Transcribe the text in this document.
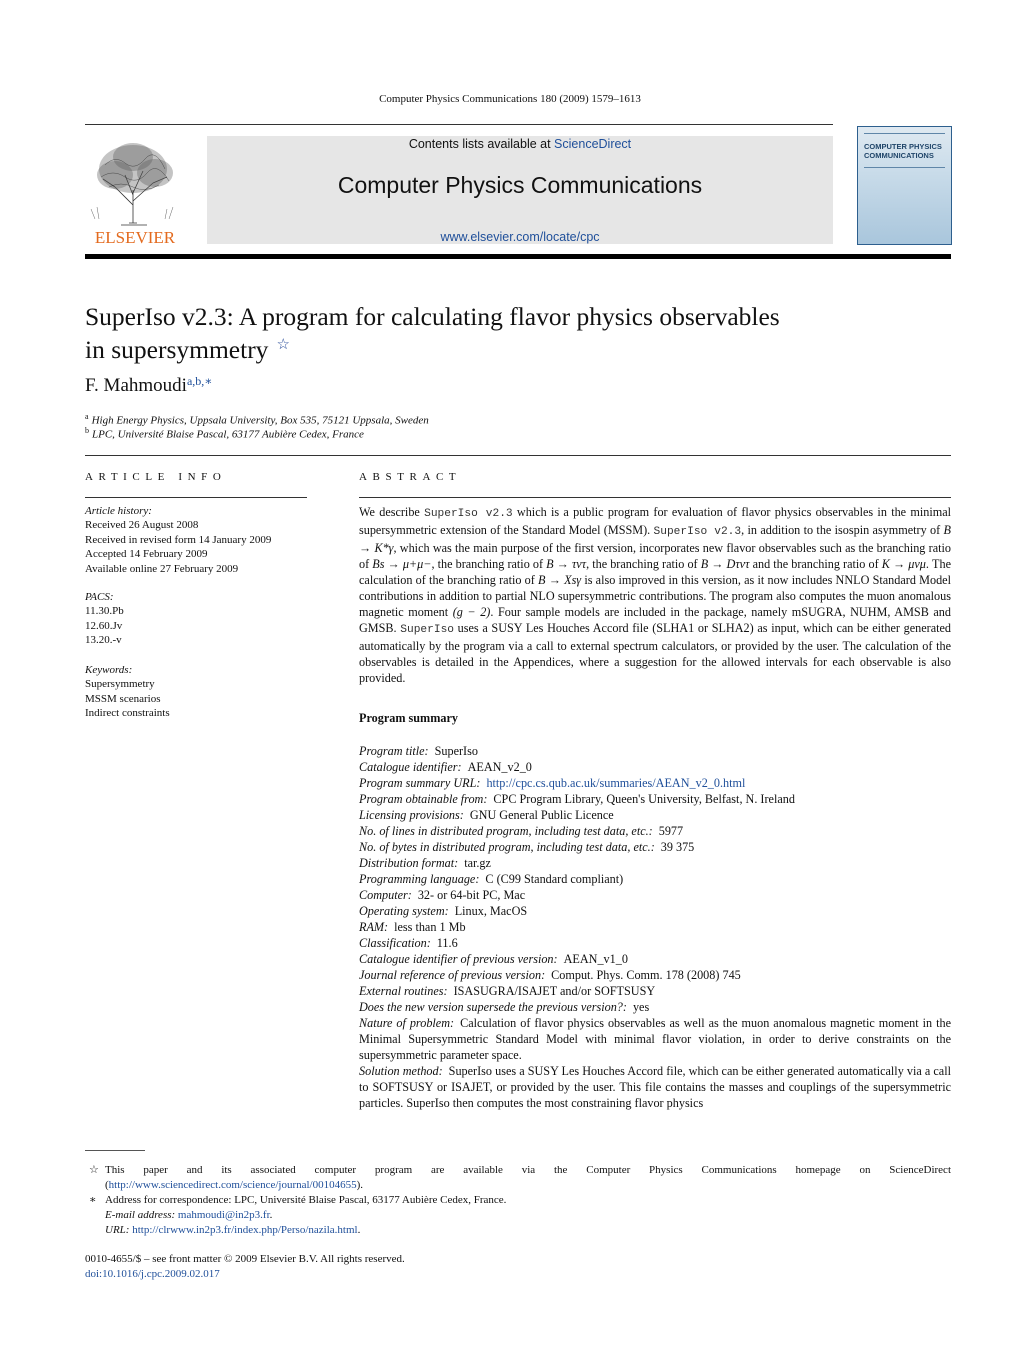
Computer Physics Communications 180 (2009) 1579–1613
ELSEVIER
Contents lists available at ScienceDirect
Computer Physics Communications
www.elsevier.com/locate/cpc
COMPUTER PHYSICS COMMUNICATIONS
SuperIso v2.3: A program for calculating flavor physics observables
in supersymmetry ☆
F. Mahmoudi$^{a,b,∗}$
$^a$ High Energy Physics, Uppsala University, Box 535, 75121 Uppsala, Sweden
$^b$ LPC, Université Blaise Pascal, 63177 Aubière Cedex, France
ARTICLE INFO	ABSTRACT
Article history:
Received 26 August 2008
Received in revised form 14 January 2009
Accepted 14 February 2009
Available online 27 February 2009
PACS:
11.30.Pb
12.60.Jv
13.20.-v
Keywords:
Supersymmetry
MSSM scenarios
Indirect constraints
We describe SuperIso v2.3 which is a public program for evaluation of flavor physics observables in the minimal supersymmetric extension of the Standard Model (MSSM). SuperIso v2.3, in addition to the isospin asymmetry of B → K*γ, which was the main purpose of the first version, incorporates new flavor observables such as the branching ratio of Bs → μ+μ−, the branching ratio of B → τντ, the branching ratio of B → Dτντ and the branching ratio of K → μνμ. The calculation of the branching ratio of B → Xsγ is also improved in this version, as it now includes NNLO Standard Model contributions in addition to partial NLO supersymmetric contributions. The program also computes the muon anomalous magnetic moment (g − 2). Four sample models are included in the package, namely mSUGRA, NUHM, AMSB and GMSB. SuperIso uses a SUSY Les Houches Accord file (SLHA1 or SLHA2) as input, which can be either generated automatically by the program via a call to external spectrum calculators, or provided by the user. The calculation of the observables is detailed in the Appendices, where a suggestion for the allowed intervals for each observable is also provided.
Program summary
Program title: SuperIso
Catalogue identifier: AEAN_v2_0
Program summary URL: http://cpc.cs.qub.ac.uk/summaries/AEAN_v2_0.html
Program obtainable from: CPC Program Library, Queen's University, Belfast, N. Ireland
Licensing provisions: GNU General Public Licence
No. of lines in distributed program, including test data, etc.: 5977
No. of bytes in distributed program, including test data, etc.: 39 375
Distribution format: tar.gz
Programming language: C (C99 Standard compliant)
Computer: 32- or 64-bit PC, Mac
Operating system: Linux, MacOS
RAM: less than 1 Mb
Classification: 11.6
Catalogue identifier of previous version: AEAN_v1_0
Journal reference of previous version: Comput. Phys. Comm. 178 (2008) 745
External routines: ISASUGRA/ISAJET and/or SOFTSUSY
Does the new version supersede the previous version?: yes
Nature of problem: Calculation of flavor physics observables as well as the muon anomalous magnetic moment in the Minimal Supersymmetric Standard Model with minimal flavor violation, in order to derive constraints on the supersymmetric parameter space.
Solution method: SuperIso uses a SUSY Les Houches Accord file, which can be either generated automatically via a call to SOFTSUSY or ISAJET, or provided by the user. This file contains the masses and couplings of the supersymmetric particles. SuperIso then computes the most constraining flavor physics
☆ This paper and its associated computer program are available via the Computer Physics Communications homepage on ScienceDirect (http://www.sciencedirect.com/science/journal/00104655).
∗ Address for correspondence: LPC, Université Blaise Pascal, 63177 Aubière Cedex, France.
E-mail address: mahmoudi@in2p3.fr.
URL: http://clrwww.in2p3.fr/index.php/Perso/nazila.html.
0010-4655/$ – see front matter © 2009 Elsevier B.V. All rights reserved.
doi:10.1016/j.cpc.2009.02.017
